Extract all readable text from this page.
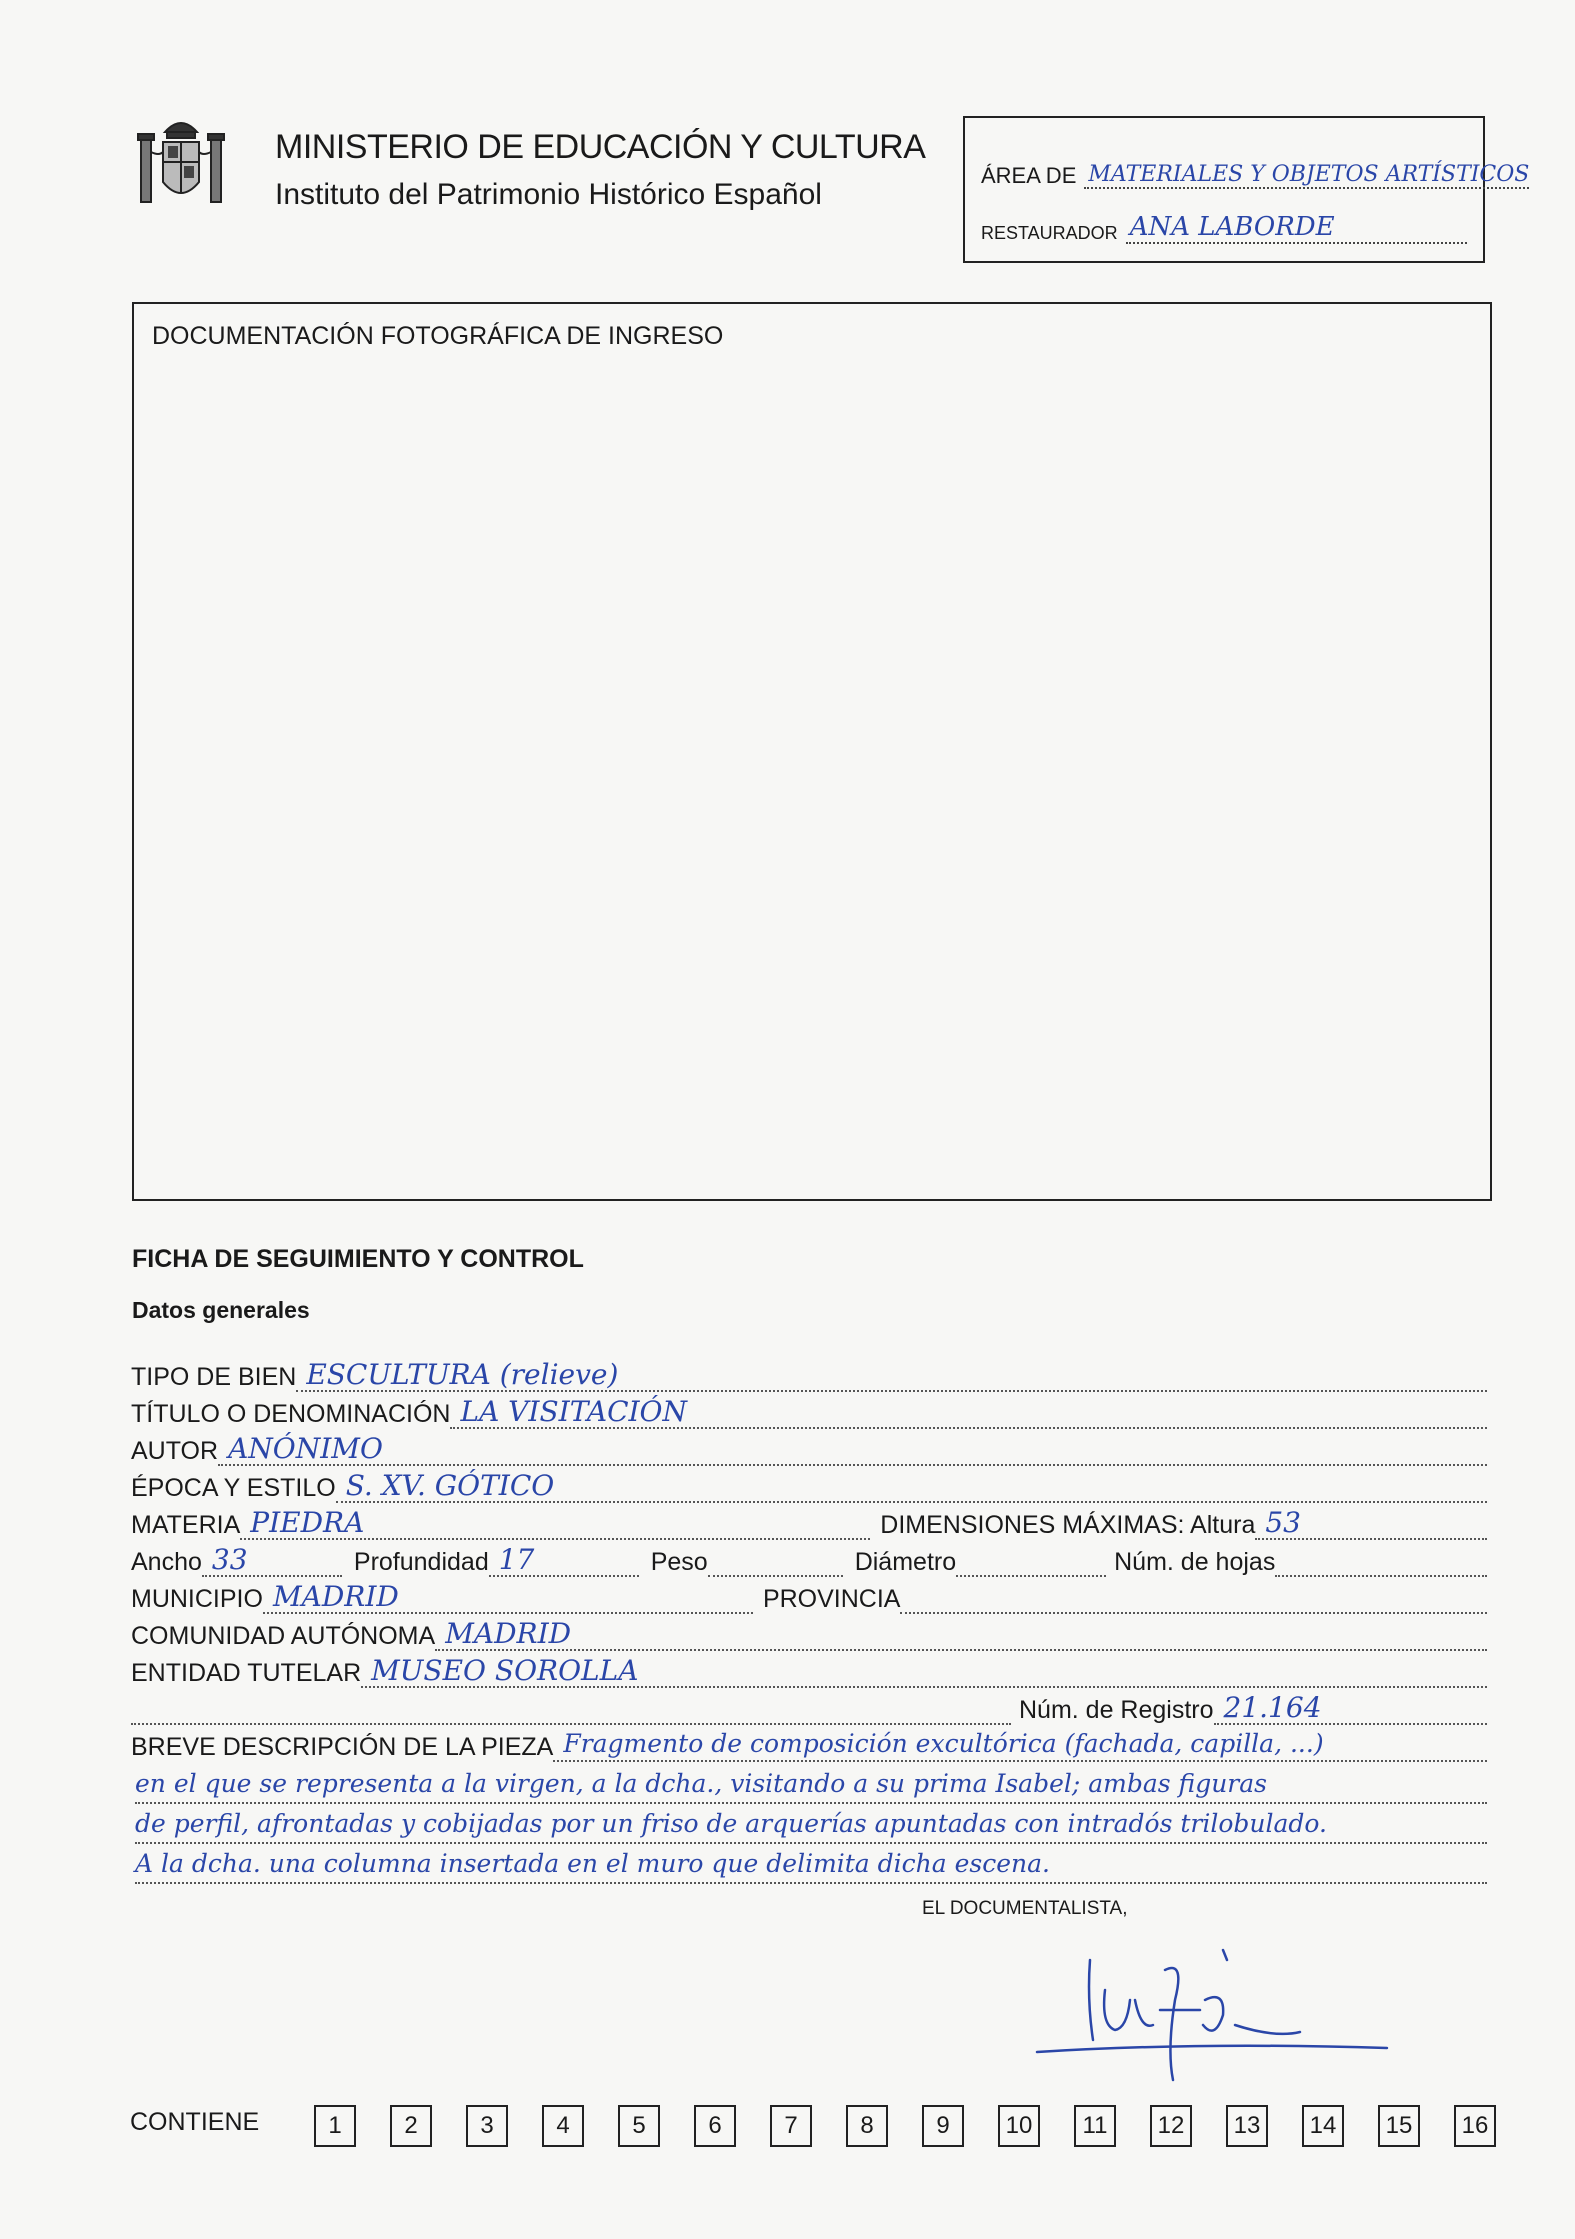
MINISTERIO DE EDUCACIÓN Y CULTURA
Instituto del Patrimonio Histórico Español
ÁREA DE MATERIALES Y OBJETOS ARTÍSTICOS
RESTAURADOR ANA LABORDE
DOCUMENTACIÓN FOTOGRÁFICA DE INGRESO
FICHA DE SEGUIMIENTO Y CONTROL
Datos generales
TIPO DE BIEN ESCULTURA (relieve)
TÍTULO O DENOMINACIÓN LA VISITACIÓN
AUTOR ANÓNIMO
ÉPOCA Y ESTILO S. XV. GÓTICO
MATERIA PIEDRA	DIMENSIONES MÁXIMAS: Altura 53
Ancho 33	Profundidad 17	Peso	Diámetro	Núm. de hojas
MUNICIPIO MADRID	PROVINCIA
COMUNIDAD AUTÓNOMA MADRID
ENTIDAD TUTELAR MUSEO SOROLLA
Núm. de Registro 21.164
BREVE DESCRIPCIÓN DE LA PIEZA Fragmento de composición excultórica (fachada, capilla, ...)
en el que se representa a la virgen, a la dcha., visitando a su prima Isabel; ambas figuras
de perfil, afrontadas y cobijadas por un friso de arquerías apuntadas con intradós trilobulado.
A la dcha. una columna insertada en el muro que delimita dicha escena.
EL DOCUMENTALISTA,
CONTIENE	1	2	3	4	5	6	7	8	9	10	11	12	13	14	15	16
